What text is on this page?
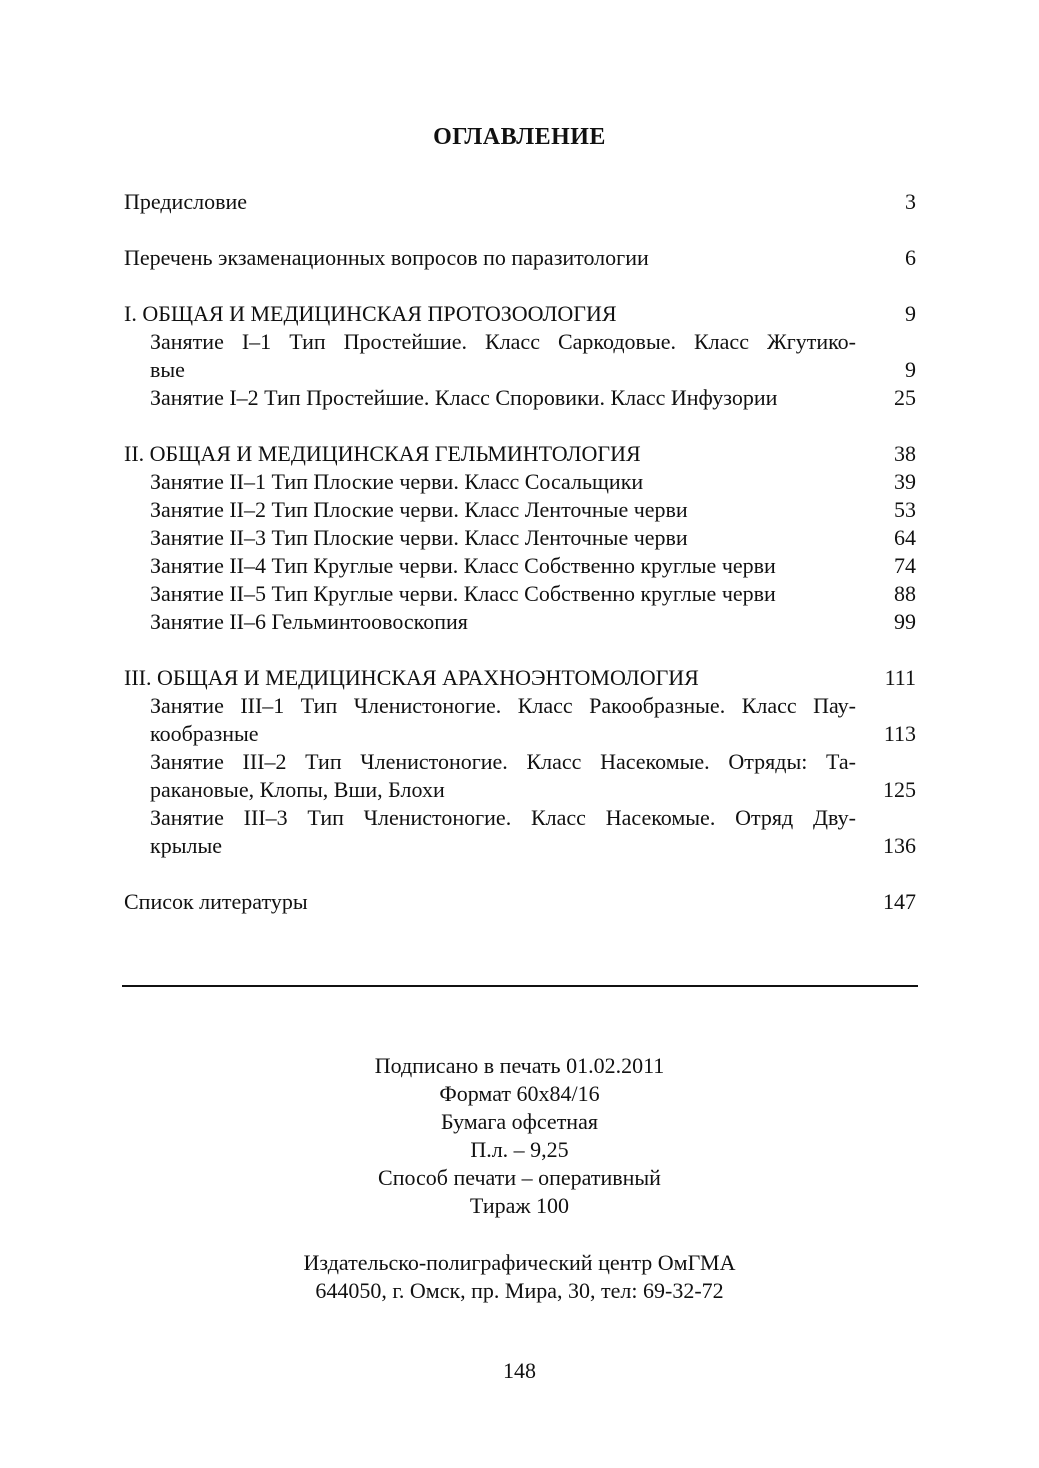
ОГЛАВЛЕНИЕ
Предисловие	3
Перечень экзаменационных вопросов по паразитологии	6
I. ОБЩАЯ И МЕДИЦИНСКАЯ ПРОТОЗООЛОГИЯ	9
Занятие I–1 Тип Простейшие. Класс Саркодовые. Класс Жгутико-
вые	9
Занятие I–2 Тип Простейшие. Класс Споровики. Класс Инфузории	25
II. ОБЩАЯ И МЕДИЦИНСКАЯ ГЕЛЬМИНТОЛОГИЯ	38
Занятие II–1 Тип Плоские черви. Класс Сосальщики	39
Занятие II–2 Тип Плоские черви. Класс Ленточные черви	53
Занятие II–3 Тип Плоские черви. Класс Ленточные черви	64
Занятие II–4 Тип Круглые черви. Класс Собственно круглые черви	74
Занятие II–5 Тип Круглые черви. Класс Собственно круглые черви	88
Занятие II–6 Гельминтоовоскопия	99
III. ОБЩАЯ И МЕДИЦИНСКАЯ АРАХНОЭНТОМОЛОГИЯ	111
Занятие III–1 Тип Членистоногие. Класс Ракообразные. Класс Пау-
кообразные	113
Занятие III–2 Тип Членистоногие. Класс Насекомые. Отряды: Та-
ракановые, Клопы, Вши, Блохи	125
Занятие III–3 Тип Членистоногие. Класс Насекомые. Отряд Дву-
крылые	136
Список литературы	147
Подписано в печать 01.02.2011
Формат 60х84/16
Бумага офсетная
П.л. – 9,25
Способ печати – оперативный
Тираж 100
Издательско-полиграфический центр ОмГМА
644050, г. Омск, пр. Мира, 30, тел: 69-32-72
148
